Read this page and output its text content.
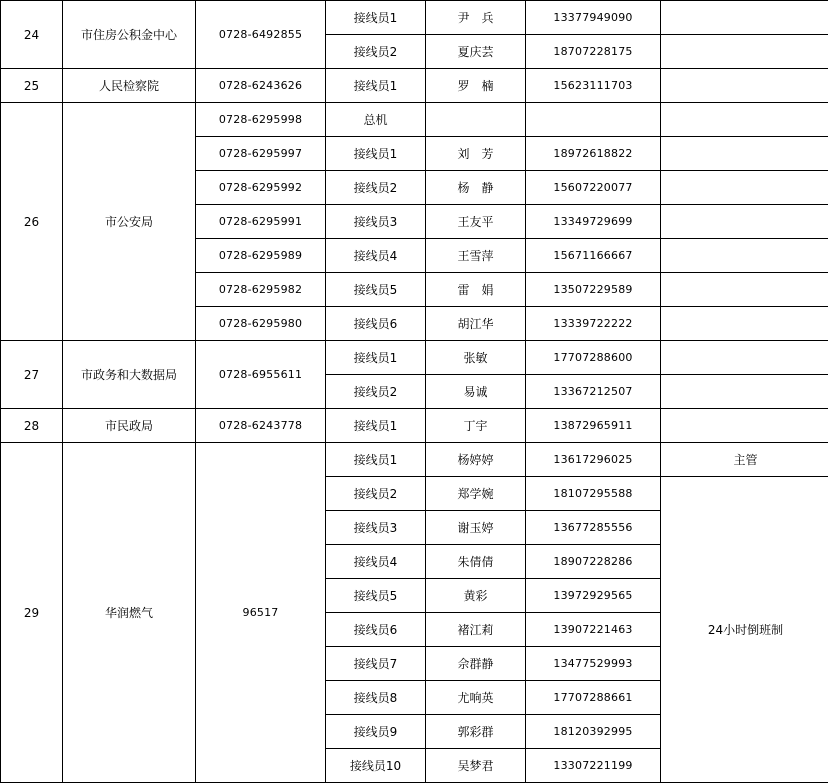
24	市住房公积金中心	0728-6492855	接线员1	尹　兵	13377949090	
			接线员2	夏庆芸	18707228175	
25	人民检察院	0728-6243626	接线员1	罗　楠	15623111703	
26	市公安局	0728-6295998	总机			
		0728-6295997	接线员1	刘　芳	18972618822	
		0728-6295992	接线员2	杨　静	15607220077	
		0728-6295991	接线员3	王友平	13349729699	
		0728-6295989	接线员4	王雪萍	15671166667	
		0728-6295982	接线员5	雷　娟	13507229589	
		0728-6295980	接线员6	胡江华	13339722222	
27	市政务和大数据局	0728-6955611	接线员1	张敏	17707288600	
			接线员2	易诚	13367212507	
28	市民政局	0728-6243778	接线员1	丁宇	13872965911	
29	华润燃气	96517	接线员1	杨婷婷	13617296025	主管
			接线员2	郑学婉	18107295588	24小时倒班制
			接线员3	谢玉婷	13677285556	
			接线员4	朱倩倩	18907228286	
			接线员5	黄彩	13972929565	
			接线员6	褚江莉	13907221463	
			接线员7	佘群静	13477529993	
			接线员8	尤响英	17707288661	
			接线员9	郭彩群	18120392995	
			接线员10	吴梦君	13307221199	
